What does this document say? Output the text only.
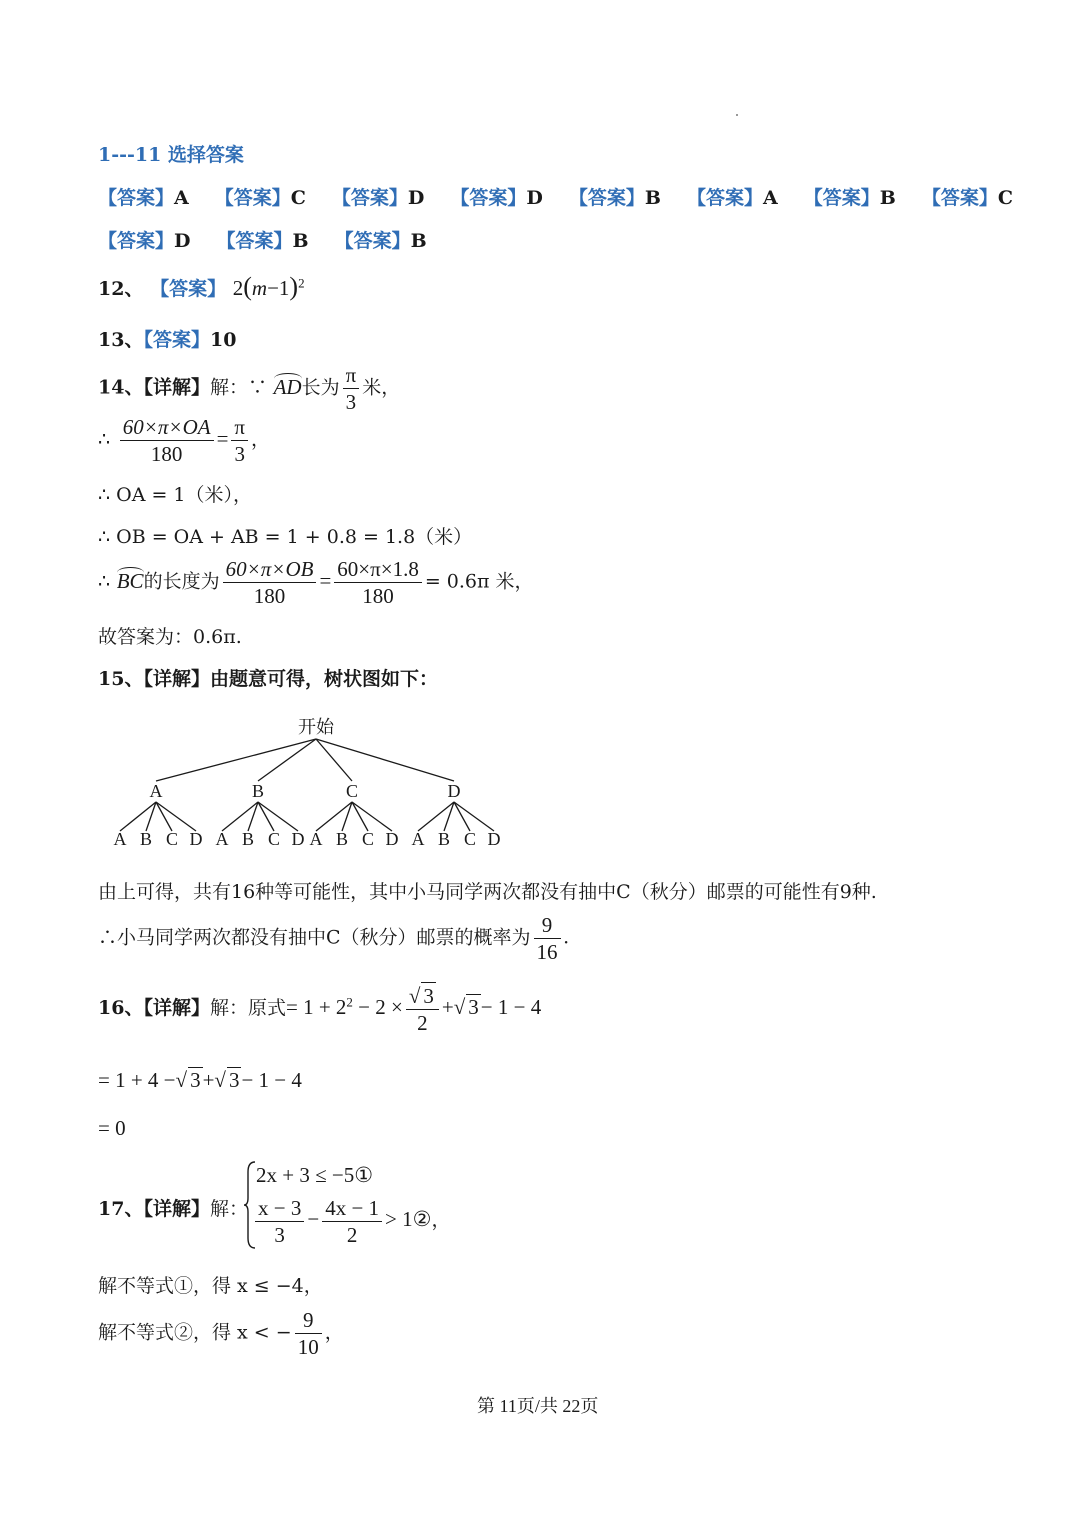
1---11 选择答案
【答案】A 【答案】C 【答案】D 【答案】D 【答案】B 【答案】A 【答案】B 【答案】C
【答案】D 【答案】B 【答案】B
12、 【答案】 $2(m-1)^2$
13、【答案】10
14、【详解】解：∵ AD长为 $\frac{\pi}{3}$ 米，
∴ $\frac{60\times\pi\times OA}{180} = \frac{\pi}{3}$ ，
∴ OA = 1（米），
∴ OB = OA + AB = 1 + 0.8 = 1.8（米）
∴ BC的长度为 $\frac{60\times\pi\times OB}{180} = \frac{60\times\pi\times 1.8}{180} = 0.6\pi$ 米，
故答案为：0.6π.
15、【详解】由题意可得，树状图如下：
开始
A
A B C D
B
A B C D
C
A B C D
D
A B C D
由上可得，共有16种等可能性，其中小马同学两次都没有抽中C（秋分）邮票的可能性有9种.
∴小马同学两次都没有抽中C（秋分）邮票的概率为 $\frac{9}{16}$ .
16、【详解】解：原式= $1 + 2^2 - 2 \times \frac{√ 3}{2}$ +√ 3− 1 − 4
= 1 + 4 −√ 3+√ 3− 1 − 4
= 0
17、【详解】解：
2x + 3 ≤ −5①
$\frac{x - 3}{3} - \frac{4x - 1}{2}$ > 1②，
解不等式①，得 x ≤ −4，
解不等式②，得 x < − $\frac{9}{10}$ ，
第 11页/共 22页
